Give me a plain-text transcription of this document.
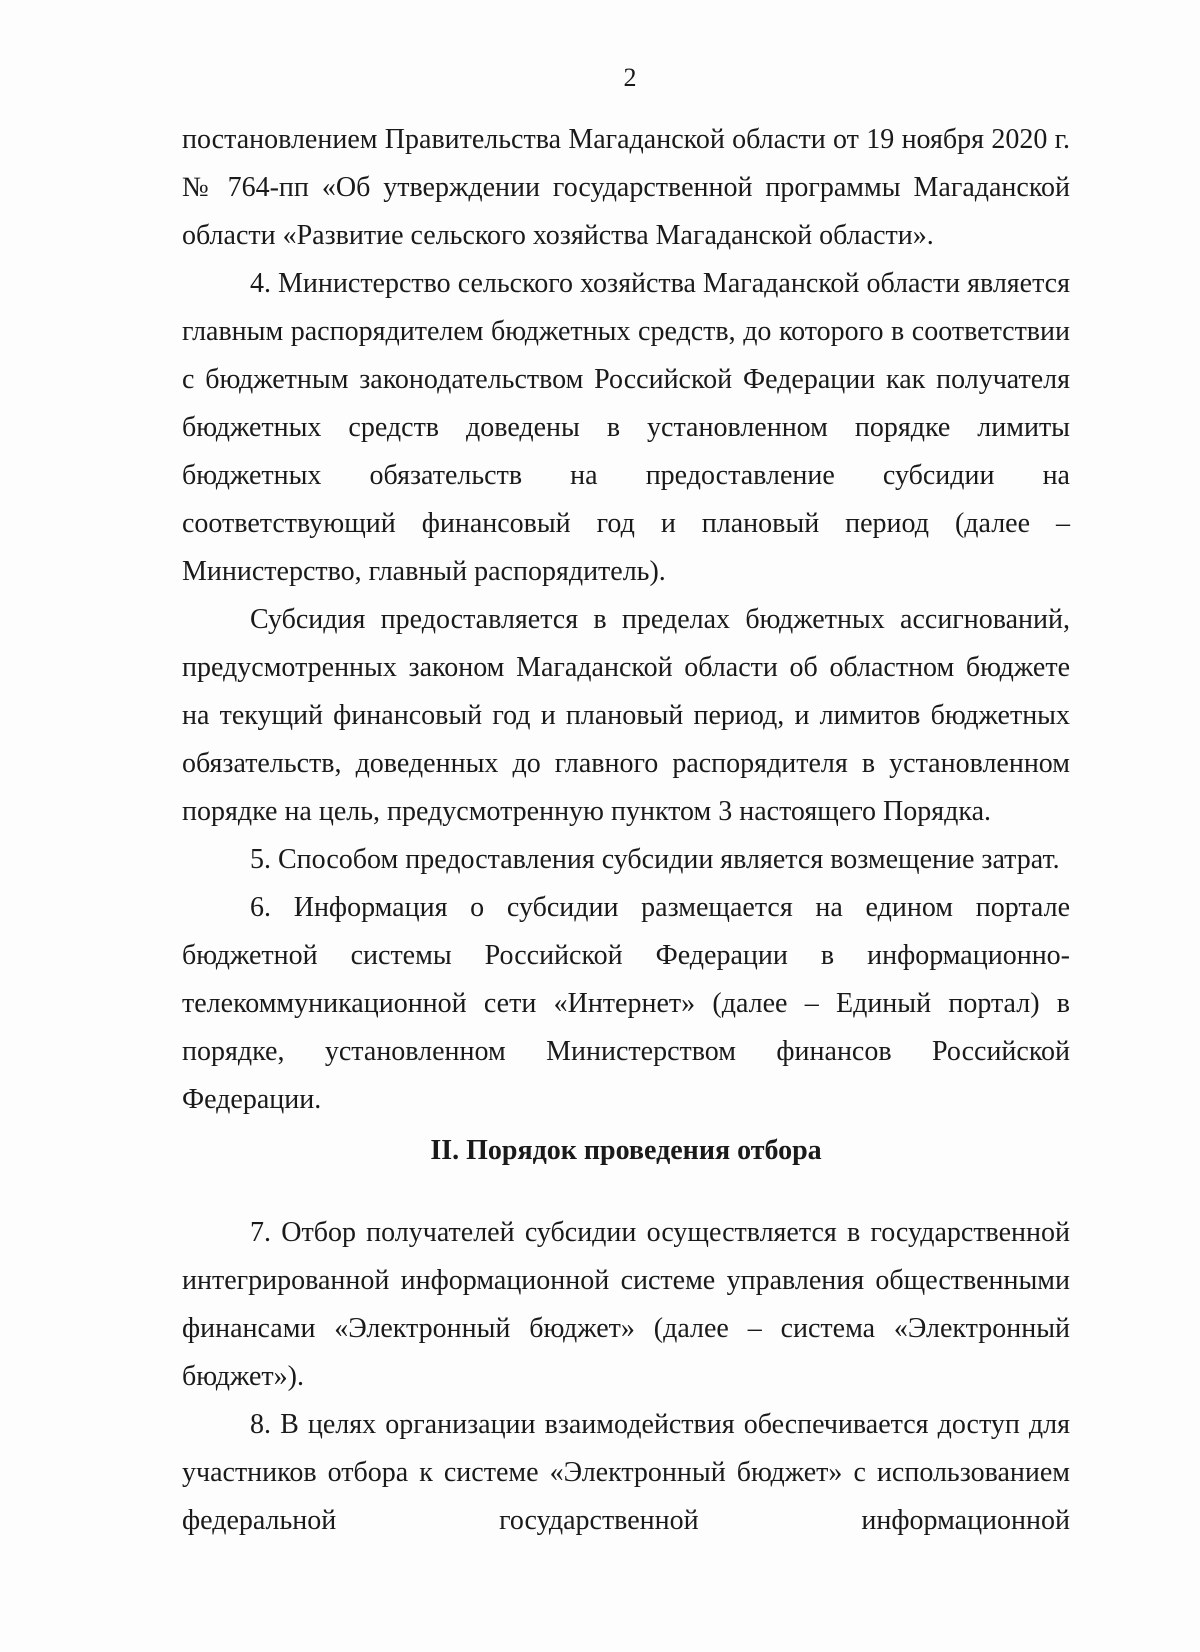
2

постановлением Правительства Магаданской области от 19 ноября 2020 г. № 764-пп «Об утверждении государственной программы Магаданской области «Развитие сельского хозяйства Магаданской области».

4. Министерство сельского хозяйства Магаданской области является главным распорядителем бюджетных средств, до которого в соответствии с бюджетным законодательством Российской Федерации как получателя бюджетных средств доведены в установленном порядке лимиты бюджетных обязательств на предоставление субсидии на соответствующий финансовый год и плановый период (далее – Министерство, главный распорядитель).

Субсидия предоставляется в пределах бюджетных ассигнований, предусмотренных законом Магаданской области об областном бюджете на текущий финансовый год и плановый период, и лимитов бюджетных обязательств, доведенных до главного распорядителя в установленном порядке на цель, предусмотренную пунктом 3 настоящего Порядка.

5. Способом предоставления субсидии является возмещение затрат.

6. Информация о субсидии размещается на едином портале бюджетной системы Российской Федерации в информационно-телекоммуникационной сети «Интернет» (далее – Единый портал) в порядке, установленном Министерством финансов Российской Федерации.

II. Порядок проведения отбора

7. Отбор получателей субсидии осуществляется в государственной интегрированной информационной системе управления общественными финансами «Электронный бюджет» (далее – система «Электронный бюджет»).

8. В целях организации взаимодействия обеспечивается доступ для участников отбора к системе «Электронный бюджет» с использованием федеральной государственной информационной
